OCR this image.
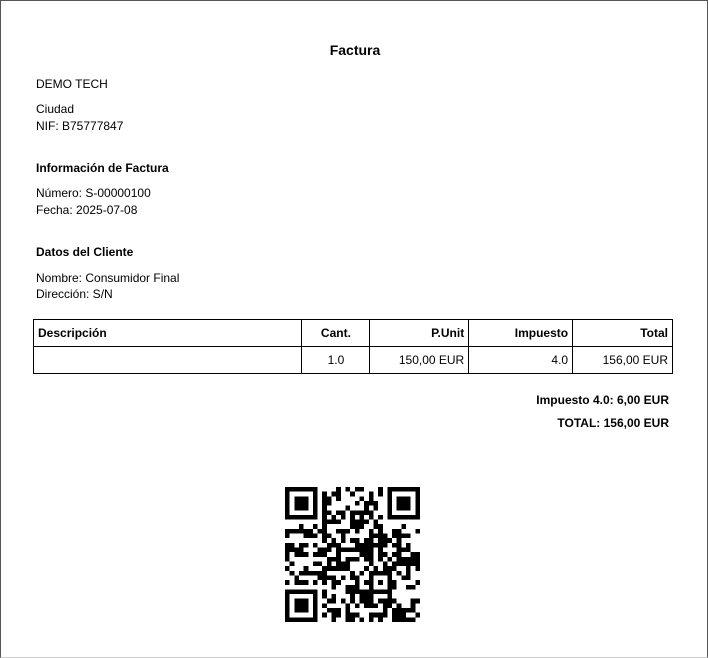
Factura
DEMO TECH
Ciudad
NIF: B75777847
Información de Factura
Número: S-00000100
Fecha: 2025-07-08
Datos del Cliente
Nombre: Consumidor Final
Dirección: S/N
Descripción	Cant.	P.Unit	Impuesto	Total
	1.0	150,00 EUR	4.0	156,00 EUR
Impuesto 4.0: 6,00 EUR
TOTAL: 156,00 EUR
